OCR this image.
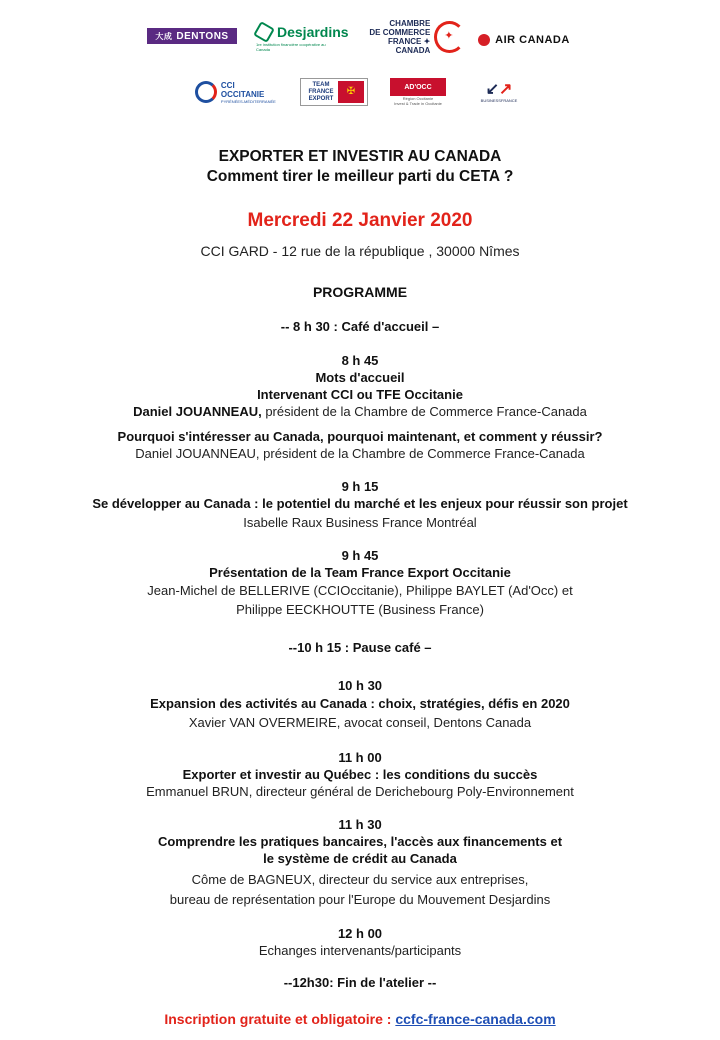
大成 DENTONS	Desjardins
1re institution financière coopérative au Canada
CHAMBRE
DE COMMERCE
FRANCE ✦ CANADA
✦	AIR CANADA
CCI OCCITANIE
PYRÉNÉES-MÉDITERRANÉE
TEAM FRANCE EXPORT
✠	AD'OCC
Région Occitanie
Invest & Trade in Occitanie
↙↗
BUSINESSFRANCE
EXPORTER ET INVESTIR AU CANADA
Comment tirer le meilleur parti du CETA ?
Mercredi 22 Janvier 2020
CCI GARD - 12 rue de la république , 30000 Nîmes
PROGRAMME
-- 8 h 30 : Café d'accueil –
8 h 45
Mots d'accueil
Intervenant CCI ou TFE Occitanie
Daniel JOUANNEAU, président de la Chambre de Commerce France-Canada
Pourquoi s'intéresser au Canada, pourquoi maintenant, et comment y réussir?
Daniel JOUANNEAU, président de la Chambre de Commerce France-Canada
9 h 15
Se développer au Canada : le potentiel du marché et les enjeux pour réussir son projet
Isabelle Raux Business France Montréal
9 h 45
Présentation de la Team France Export Occitanie
Jean-Michel de BELLERIVE (CCIOccitanie), Philippe BAYLET (Ad'Occ) et
Philippe EECKHOUTTE (Business France)
--10 h 15 : Pause café –
10 h 30
Expansion des activités au Canada : choix, stratégies, défis en 2020
Xavier VAN OVERMEIRE, avocat conseil, Dentons Canada
11 h 00
Exporter et investir au Québec : les conditions du succès
Emmanuel BRUN, directeur général de Derichebourg Poly-Environnement
11 h 30
Comprendre les pratiques bancaires, l'accès aux financements et
le système de crédit au Canada
Côme de BAGNEUX, directeur du service aux entreprises,
bureau de représentation pour l'Europe du Mouvement Desjardins
12 h 00
Echanges intervenants/participants
--12h30: Fin de l'atelier --
Inscription gratuite et obligatoire : ccfc-france-canada.com
